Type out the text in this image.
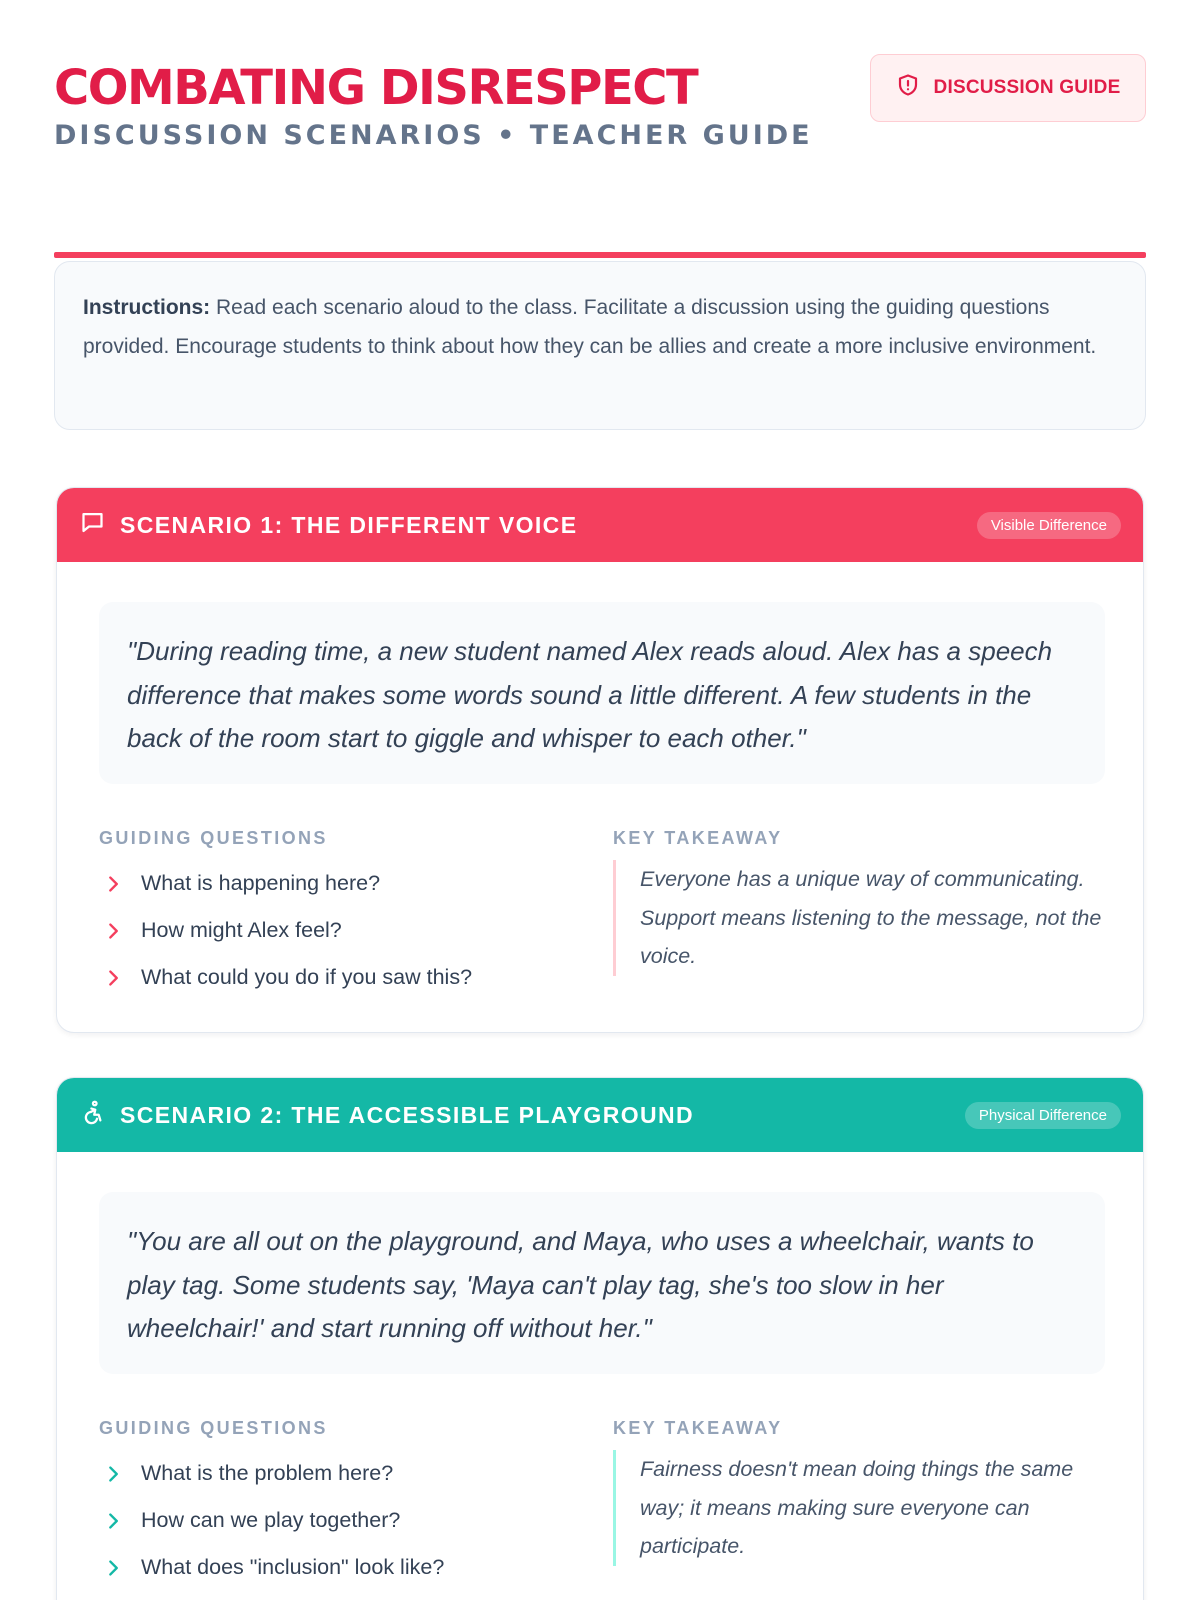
COMBATING DISRESPECT
DISCUSSION SCENARIOS • TEACHER GUIDE
DISCUSSION GUIDE
Instructions: Read each scenario aloud to the class. Facilitate a discussion using the guiding questions provided. Encourage students to think about how they can be allies and create a more inclusive environment.
SCENARIO 1: THE DIFFERENT VOICE	Visible Difference
"During reading time, a new student named Alex reads aloud. Alex has a speech difference that makes some words sound a little different. A few students in the back of the room start to giggle and whisper to each other."
GUIDING QUESTIONS
What is happening here?
How might Alex feel?
What could you do if you saw this?
KEY TAKEAWAY
Everyone has a unique way of communicating. Support means listening to the message, not the voice.
SCENARIO 2: THE ACCESSIBLE PLAYGROUND	Physical Difference
"You are all out on the playground, and Maya, who uses a wheelchair, wants to play tag. Some students say, 'Maya can't play tag, she's too slow in her wheelchair!' and start running off without her."
GUIDING QUESTIONS
What is the problem here?
How can we play together?
What does "inclusion" look like?
KEY TAKEAWAY
Fairness doesn't mean doing things the same way; it means making sure everyone can participate.
